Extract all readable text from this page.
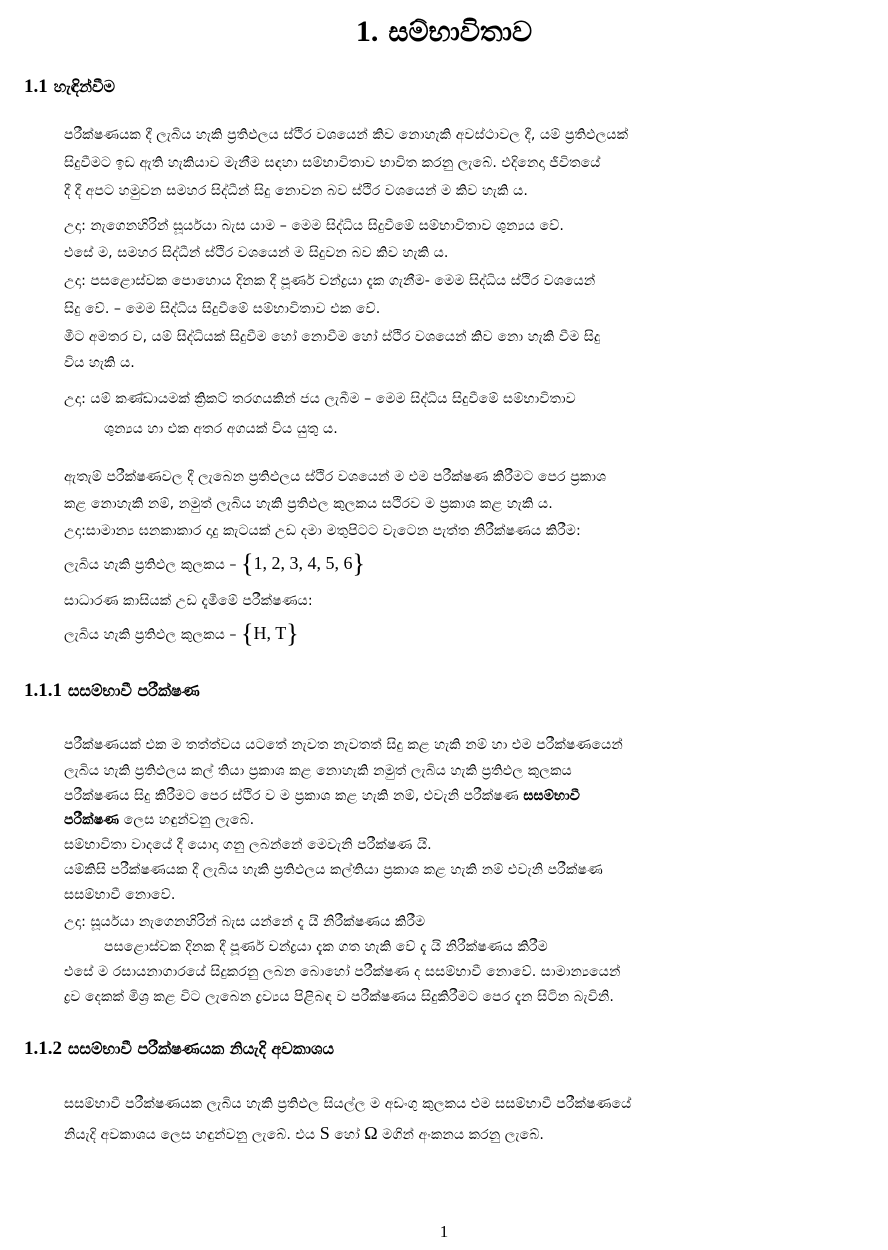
1. සම්භාවිතාව
1.1 හැඳින්වීම

පරීක්ෂණයක දී ලැබිය හැකි ප්‍රතිඵලය ස්ථිර වශයෙන් කිව නොහැකි අවස්ථාවල දී, යම් ප්‍රතිඵලයක්

සිදුවීමට ඉඩ ඇති හැකියාව මැනීම සඳහා සම්භාවිතාව භාවිත කරනු ලැබේ. එදිනෙදා ජීවිතයේ

දී දී අපට හමුවන සමහර සිද්ධීන් සිදු නොවන බව ස්ථිර වශයෙන් ම කිව හැකි ය.

උදා: නැගෙනහිරින් සූර්යයා බැස යාම – මෙම සිද්ධිය සිදුවීමේ සම්භාවිතාව ශුන්‍යය වේ.

එසේ ම, සමහර සිද්ධීන් ස්ථිර වශයෙන් ම සිදුවන බව කිව හැකි ය.

උදා: පසළොස්වක පොහොය දිනක දී පූර්ණ චන්ද්‍රයා දැක ගැනීම- මෙම සිද්ධිය ස්ථිර වශයෙන්

සිදු වේ. – මෙම සිද්ධිය සිදුවීමේ සම්භාවිතාව එක වේ.

මීට අමතර ව, යම් සිද්ධියක් සිදුවීම හෝ නොවීම හෝ ස්ථිර වශයෙන් කිව නො හැකි වීම සිදු

විය හැකි ය.

උදා: යම් කණ්ඩායමක් ක්‍රිකට් තරගයකින් ජය ලැබීම – මෙම සිද්ධිය සිදුවීමේ සම්භාවිතාව

ශුන්‍යය හා එක අතර අගයක් විය යුතු ය.

ඇතැම් පරීක්ෂණවල දී ලැබෙන ප්‍රතිඵලය ස්ථිර වශයෙන් ම එම පරීක්ෂණ කිරීමට පෙර ප්‍රකාශ

කළ නොහැකි නම්, නමුත් ලැබිය හැකි ප්‍රතිඵල කුලකය සථිරව ම ප්‍රකාශ කළ හැකි ය.

උදා:සාමාන්‍ය ඝනකාකාර දාදු කැටයක් උඩ දමා මතුපිටට වැටෙන පැත්ත නිරීක්ෂණය කිරීම:

ලැබිය හැකි ප්‍රතිඵල කුලකය – {1, 2, 3, 4, 5, 6}

සාධාරණ කාසියක් උඩ දැමීමේ පරීක්ෂණය:

ලැබිය හැකි ප්‍රතිඵල කුලකය – {H, T}

1.1.1 සසම්භාවී පරීක්ෂණ

පරීක්ෂණයක් එක ම තත්ත්වය යටතේ නැවත නැවතත් සිදු කළ හැකි නම් හා එම පරීක්ෂණයෙන්

ලැබිය හැකි ප්‍රතිඵලය කල් තියා ප්‍රකාශ කළ නොහැකි නමුත් ලැබිය හැකි ප්‍රතිඵල කුලකය

පරීක්ෂණය සිදු කිරීමට පෙර ස්ථිර ව ම ප්‍රකාශ කළ හැකි නම්, එවැනි පරීක්ෂණ සසම්භාවී

පරීක්ෂණ ලෙස හඳුන්වනු ලැබේ.

සම්භාවිතා වාදයේ දී යොදා ගනු ලබන්නේ මෙවැනි පරීක්ෂණ යි.

යම්කිසි පරීක්ෂණයක දී ලැබිය හැකි ප්‍රතිඵලය කල්තියා ප්‍රකාශ කළ හැකි නම් එවැනි පරීක්ෂණ

සසම්භාවී නොවේ.

උදා: සූර්යයා නැගෙනහිරින් බැස යන්නේ දැ යි නිරීක්ෂණය කිරීම

පසළොස්වක දිනක දී පූර්ණ චන්ද්‍රයා දැක ගත හැකි වේ දැ යි නිරීක්ෂණය කිරීම

එසේ ම රසායනාගාරයේ සිදුකරනු ලබන බොහෝ පරීක්ෂණ ද සසම්භාවී නොවේ. සාමාන්‍යයෙන්

ද්‍රව දෙකක් මිශ්‍ර කළ විට ලැබෙන ද්‍රව්‍යය පිළිබඳ ව පරීක්ෂණය සිදුකිරීමට පෙර දැන සිටින බැවිනි.

1.1.2 සසම්භාවී පරීක්ෂණයක නියැදි අවකාශය

සසම්භාවී පරීක්ෂණයක ලැබිය හැකි ප්‍රතිඵල සියල්ල ම අඩංගු කුලකය එම සසම්භාවී පරීක්ෂණයේ

නියැදි අවකාශය ලෙස හඳුන්වනු ලැබේ. එය S හෝ Ω මගින් අංකනය කරනු ලැබේ.

1
